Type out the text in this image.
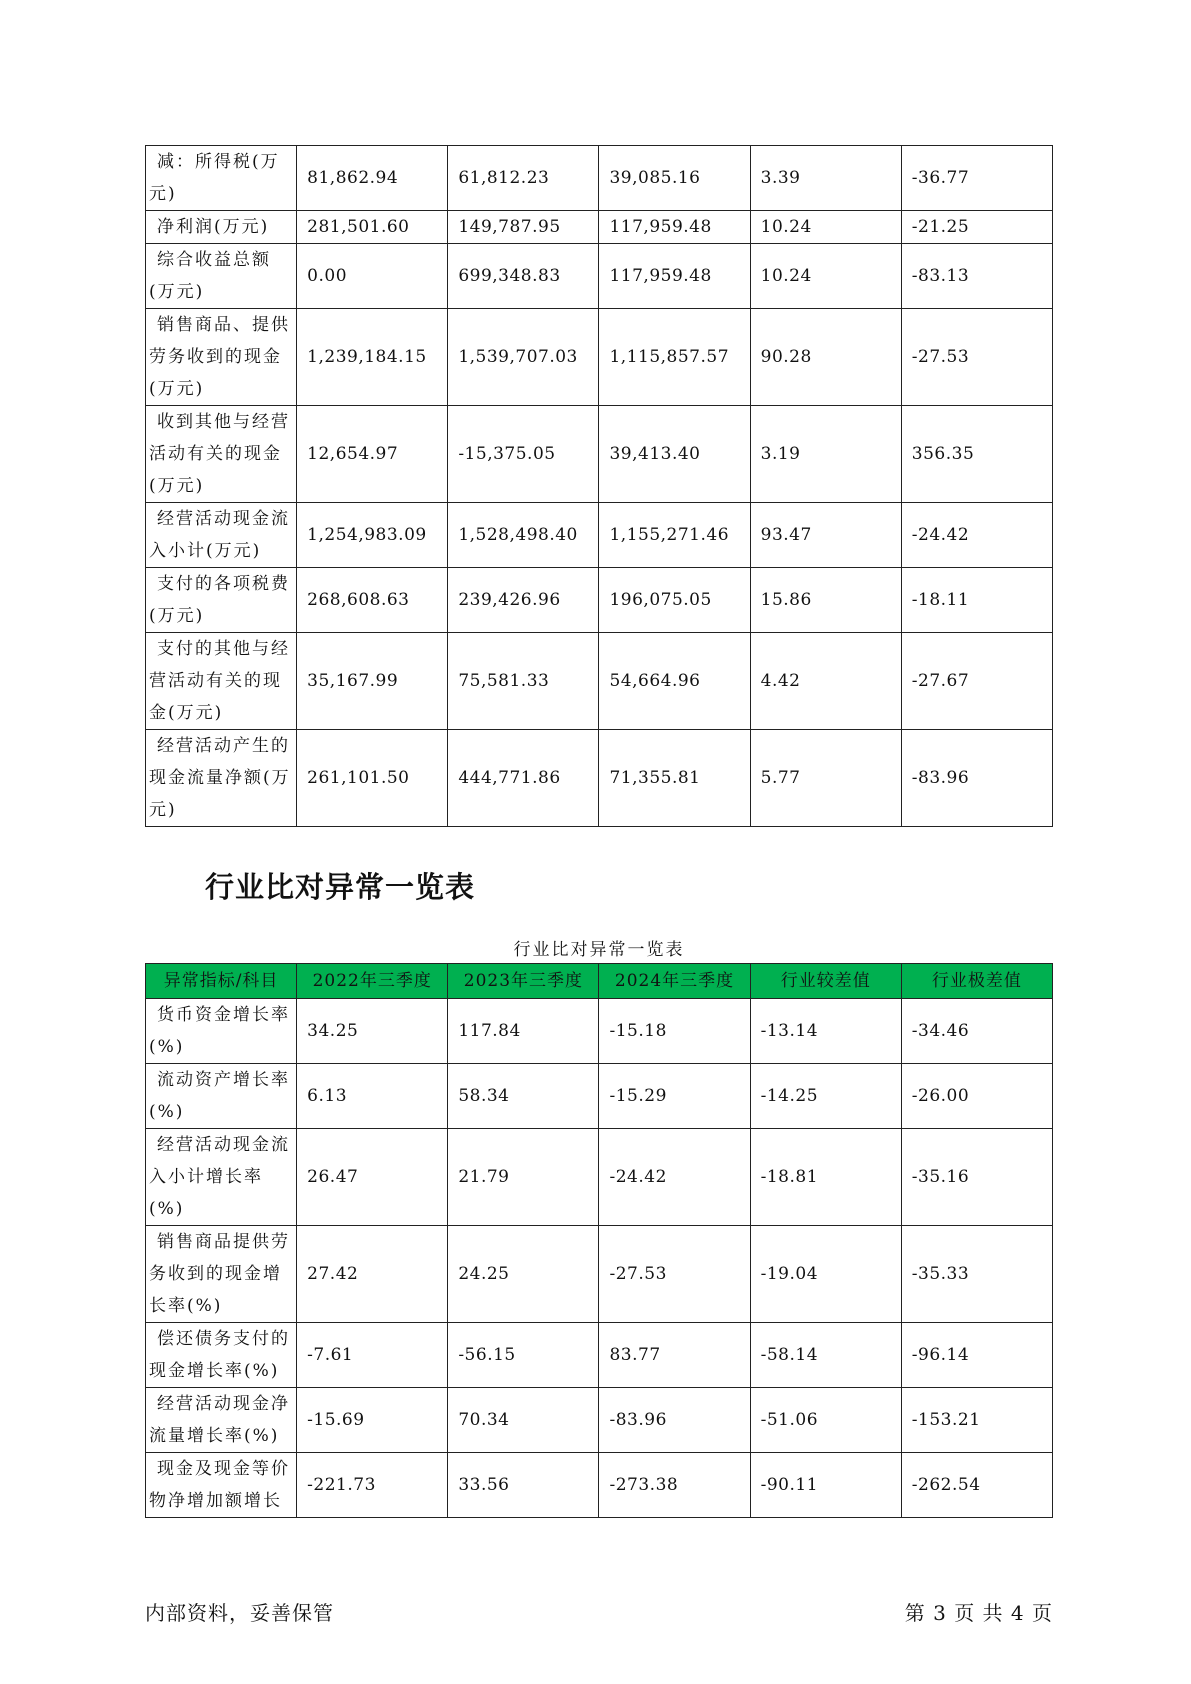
减：所得税(万元)	81,862.94	61,812.23	39,085.16	3.39	-36.77
净利润(万元)	281,501.60	149,787.95	117,959.48	10.24	-21.25
综合收益总额(万元)	0.00	699,348.83	117,959.48	10.24	-83.13
销售商品、提供劳务收到的现金(万元)	1,239,184.15	1,539,707.03	1,115,857.57	90.28	-27.53
收到其他与经营活动有关的现金(万元)	12,654.97	-15,375.05	39,413.40	3.19	356.35
经营活动现金流入小计(万元)	1,254,983.09	1,528,498.40	1,155,271.46	93.47	-24.42
支付的各项税费(万元)	268,608.63	239,426.96	196,075.05	15.86	-18.11
支付的其他与经营活动有关的现金(万元)	35,167.99	75,581.33	54,664.96	4.42	-27.67
经营活动产生的现金流量净额(万元)	261,101.50	444,771.86	71,355.81	5.77	-83.96
行业比对异常一览表
行业比对异常一览表
异常指标/科目	2022年三季度	2023年三季度	2024年三季度	行业较差值	行业极差值
货币资金增长率(%)	34.25	117.84	-15.18	-13.14	-34.46
流动资产增长率(%)	6.13	58.34	-15.29	-14.25	-26.00
经营活动现金流入小计增长率(%)	26.47	21.79	-24.42	-18.81	-35.16
销售商品提供劳务收到的现金增长率(%)	27.42	24.25	-27.53	-19.04	-35.33
偿还债务支付的现金增长率(%)	-7.61	-56.15	83.77	-58.14	-96.14
经营活动现金净流量增长率(%)	-15.69	70.34	-83.96	-51.06	-153.21
现金及现金等价物净增加额增长	-221.73	33.56	-273.38	-90.11	-262.54
内部资料，妥善保管	第 3 页 共 4 页
